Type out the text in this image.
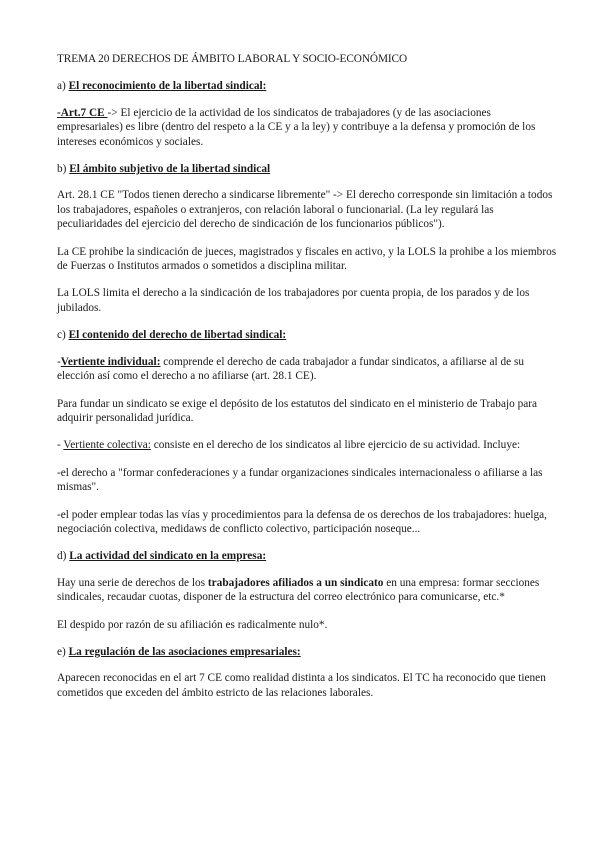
TREMA 20 DERECHOS DE ÁMBITO LABORAL Y SOCIO-ECONÓMICO
a) El reconocimiento de la libertad sindical:

-Art.7 CE -> El ejercicio de la actividad de los sindicatos de trabajadores (y de las asociaciones empresariales) es libre (dentro del respeto a la CE y a la ley) y contribuye a la defensa y promoción de los intereses económicos y sociales.

b) El ámbito subjetivo de la libertad sindical

Art. 28.1 CE "Todos tienen derecho a sindicarse libremente" -> El derecho corresponde sin limitación a todos los trabajadores, españoles o extranjeros, con relación laboral o funcionarial. (La ley regulará las peculiaridades del ejercicio del derecho de sindicación de los funcionarios públicos").

La CE prohibe la sindicación de jueces, magistrados y fiscales en activo, y la LOLS la prohibe a los miembros de Fuerzas o Institutos armados o sometidos a disciplina militar.

La LOLS limita el derecho a la sindicación de los trabajadores por cuenta propia, de los parados y de los jubilados.

c) El contenido del derecho de libertad sindical:

-Vertiente individual: comprende el derecho de cada trabajador a fundar sindicatos, a afiliarse al de su elección así como el derecho a no afiliarse (art. 28.1 CE).

Para fundar un sindicato se exige el depósito de los estatutos del sindicato en el ministerio de Trabajo para adquirir personalidad jurídica.

- Vertiente colectiva: consiste en el derecho de los sindicatos al libre ejercicio de su actividad. Incluye:

-el derecho a "formar confederaciones y a fundar organizaciones sindicales internacionaless o afiliarse a las mismas".

-el poder emplear todas las vías y procedimientos para la defensa de os derechos de los trabajadores: huelga, negociación colectiva, medidaws de conflicto colectivo, participación noseque...

d) La actividad del sindicato en la empresa:

Hay una serie de derechos de los trabajadores afiliados a un sindicato en una empresa: formar secciones sindicales, recaudar cuotas, disponer de la estructura del correo electrónico para comunicarse, etc.*

El despido por razón de su afiliación es radicalmente nulo*.

e) La regulación de las asociaciones empresariales:

Aparecen reconocidas en el art 7 CE como realidad distinta a los sindicatos. El TC ha reconocido que tienen cometidos que exceden del ámbito estricto de las relaciones laborales.
